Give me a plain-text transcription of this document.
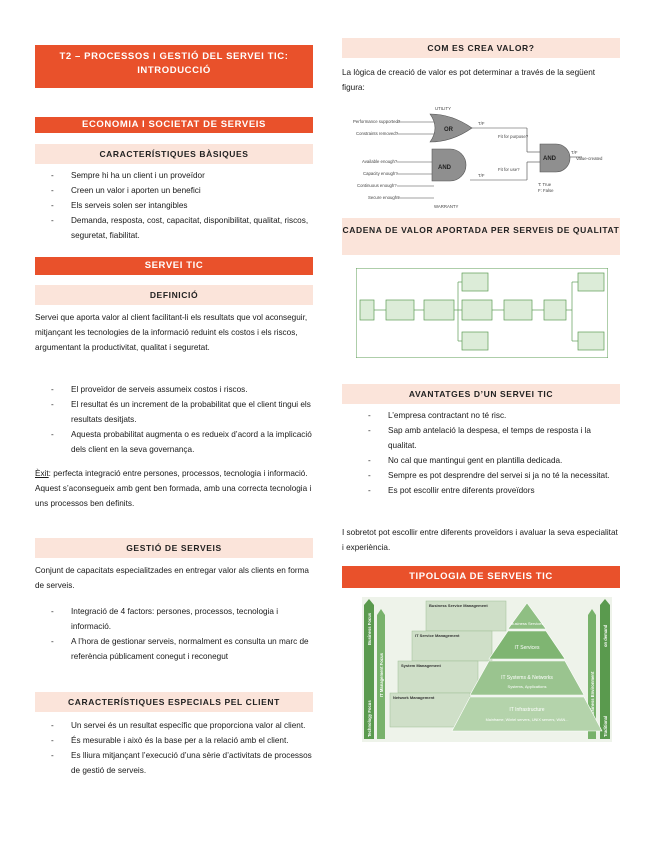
T2 – PROCESSOS I GESTIÓ DEL SERVEI TIC: INTRODUCCIÓ
ECONOMIA I SOCIETAT DE SERVEIS
CARACTERÍSTIQUES BÀSIQUES
- Sempre hi ha un client i un proveïdor
- Creen un valor i aporten un benefici
- Els serveis solen ser intangibles
- Demanda, resposta, cost, capacitat, disponibilitat, qualitat, riscos, seguretat, fiabilitat.
SERVEI TIC
DEFINICIÓ
Servei que aporta valor al client facilitant-li els resultats que vol aconseguir, mitjançant les tecnologies de la informació reduint els costos i els riscos, argumentant la productivitat, qualitat i seguretat.
- El proveïdor de serveis assumeix costos i riscos.
- El resultat és un increment de la probabilitat que el client tingui els resultats desitjats.
- Aquesta probabilitat augmenta o es redueix d’acord a la implicació dels client en la seva governança.
Èxit: perfecta integració entre persones, processos, tecnologia i informació. Aquest s’aconsegueix amb gent ben formada, amb una correcta tecnologia i uns processos ben definits.
GESTIÓ DE SERVEIS
Conjunt de capacitats especialitzades en entregar valor als clients en forma de serveis.
- Integració de 4 factors: persones, processos, tecnologia i informació.
- A l’hora de gestionar serveis, normalment es consulta un marc de referència públicament conegut i reconegut
CARACTERÍSTIQUES ESPECIALS PEL CLIENT
- Un servei és un resultat específic que proporciona valor al client.
- És mesurable i això és la base per a la relació amb el client.
- Es lliura mitjançant l’execució d’una sèrie d’activitats de processos de gestió de serveis.
COM ES CREA VALOR?
La lògica de creació de valor es pot determinar a través de la següent figura:
UTILITY
WARRANTY
Performance supported?
Constraints removed?
Available enough?
Capacity enough?
Continuous enough?
Secure enough?
T/F
T/F
T/F
Fit for purpose?
Fit for use?
Value-created
T: True
F: False
OR
AND
AND
CADENA DE VALOR APORTADA PER SERVEIS DE QUALITAT
AVANTATGES D’UN SERVEI TIC
- L’empresa contractant no té risc.
- Sap amb antelació la despesa, el temps de resposta i la qualitat.
- No cal que mantingui gent en plantilla dedicada.
- Sempre es pot desprendre del servei si ja no té la necessitat.
- Es pot escollir entre diferents proveïdors
I sobretot pot escollir entre diferents proveïdors i avaluar la seva especialitat i experiència.
TIPOLOGIA DE SERVEIS TIC
Technology Focus
Business Focus
IT Management Focus
Traditional
on demand
Business Environment
Business Service Management
IT Service Management
System Management
Network Management
Business Services
IT Services
IT Systems & Networks
Systems, Applications
IT Infrastructure
Mainframe, Wintel servers, UNIX servers, WAN...
